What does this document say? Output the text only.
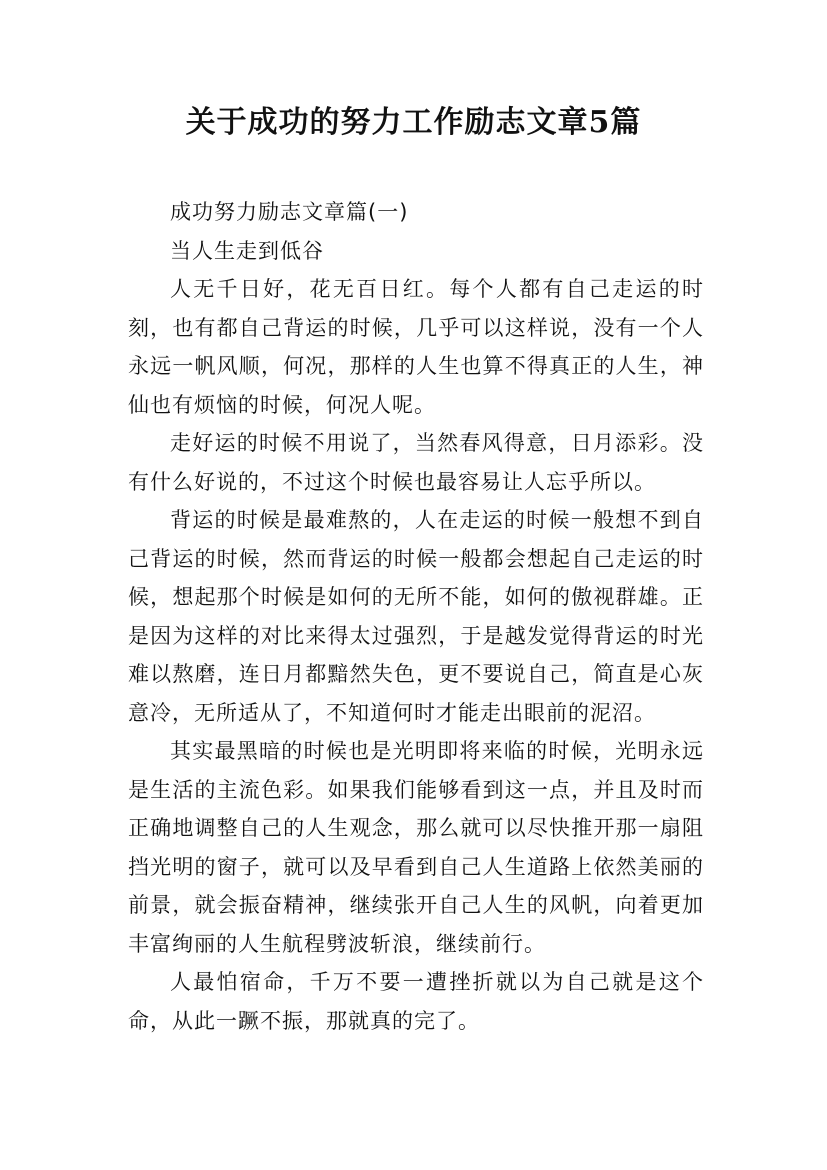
关于成功的努力工作励志文章5篇

成功努力励志文章篇(一)

当人生走到低谷

人无千日好，花无百日红。每个人都有自己走运的时刻，也有都自己背运的时候，几乎可以这样说，没有一个人永远一帆风顺，何况，那样的人生也算不得真正的人生，神仙也有烦恼的时候，何况人呢。

走好运的时候不用说了，当然春风得意，日月添彩。没有什么好说的，不过这个时候也最容易让人忘乎所以。

背运的时候是最难熬的，人在走运的时候一般想不到自己背运的时候，然而背运的时候一般都会想起自己走运的时候，想起那个时候是如何的无所不能，如何的傲视群雄。正是因为这样的对比来得太过强烈，于是越发觉得背运的时光难以熬磨，连日月都黯然失色，更不要说自己，简直是心灰意冷，无所适从了，不知道何时才能走出眼前的泥沼。

其实最黑暗的时候也是光明即将来临的时候，光明永远是生活的主流色彩。如果我们能够看到这一点，并且及时而正确地调整自己的人生观念，那么就可以尽快推开那一扇阻挡光明的窗子，就可以及早看到自己人生道路上依然美丽的前景，就会振奋精神，继续张开自己人生的风帆，向着更加丰富绚丽的人生航程劈波斩浪，继续前行。

人最怕宿命，千万不要一遭挫折就以为自己就是这个命，从此一蹶不振，那就真的完了。
